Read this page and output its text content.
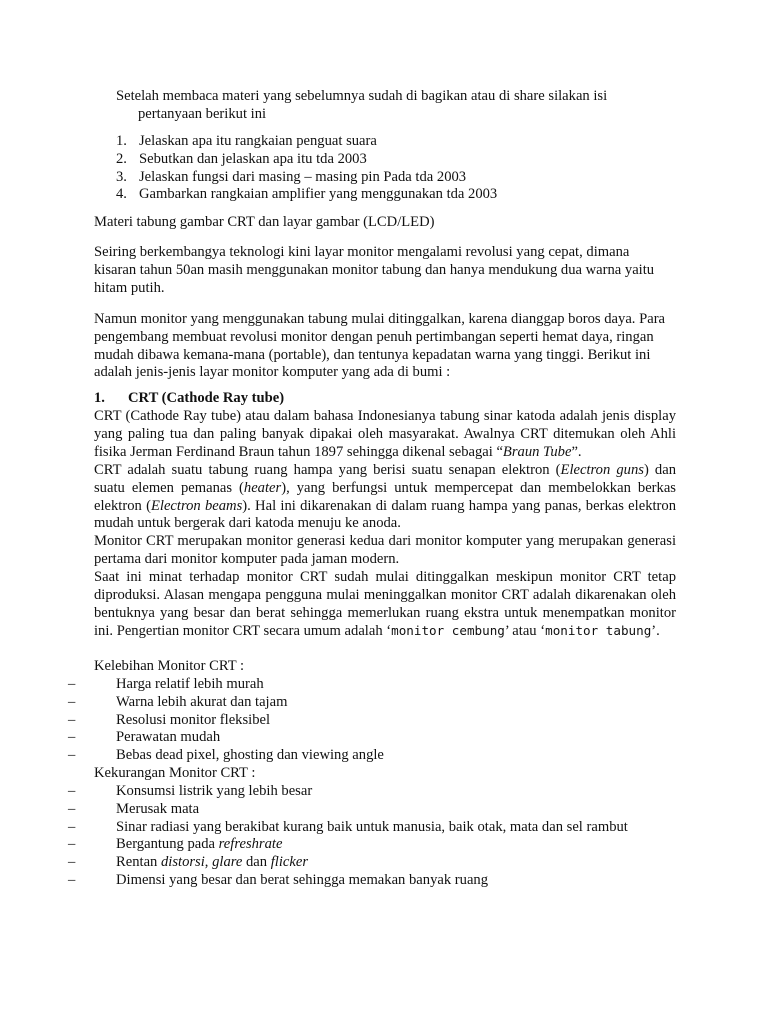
Setelah membaca materi yang sebelumnya sudah di bagikan atau di share silakan isi
pertanyaan berikut ini

1. Jelaskan apa itu rangkaian penguat suara
2. Sebutkan dan jelaskan apa itu tda 2003
3. Jelaskan fungsi dari masing – masing pin Pada tda 2003
4. Gambarkan rangkaian amplifier yang menggunakan tda 2003

Materi tabung gambar CRT dan layar gambar (LCD/LED)

Seiring berkembangya teknologi kini layar monitor mengalami revolusi yang cepat, dimana kisaran tahun 50an masih menggunakan monitor tabung dan hanya mendukung dua warna yaitu hitam putih.

Namun monitor yang menggunakan tabung mulai ditinggalkan, karena dianggap boros daya. Para pengembang membuat revolusi monitor dengan penuh pertimbangan seperti hemat daya, ringan mudah dibawa kemana-mana (portable), dan tentunya kepadatan warna yang tinggi. Berikut ini adalah jenis-jenis layar monitor komputer yang ada di bumi :

1. CRT (Cathode Ray tube)

CRT (Cathode Ray tube) atau dalam bahasa Indonesianya tabung sinar katoda adalah jenis display yang paling tua dan paling banyak dipakai oleh masyarakat. Awalnya CRT ditemukan oleh Ahli fisika Jerman Ferdinand Braun tahun 1897 sehingga dikenal sebagai “Braun Tube”.

CRT adalah suatu tabung ruang hampa yang berisi suatu senapan elektron (Electron guns) dan suatu elemen pemanas (heater), yang berfungsi untuk mempercepat dan membelokkan berkas elektron (Electron beams). Hal ini dikarenakan di dalam ruang hampa yang panas, berkas elektron mudah untuk bergerak dari katoda menuju ke anoda.

Monitor CRT merupakan monitor generasi kedua dari monitor komputer yang merupakan generasi pertama dari monitor komputer pada jaman modern.

Saat ini minat terhadap monitor CRT sudah mulai ditinggalkan meskipun monitor CRT tetap diproduksi. Alasan mengapa pengguna mulai meninggalkan monitor CRT adalah dikarenakan oleh bentuknya yang besar dan berat sehingga memerlukan ruang ekstra untuk menempatkan monitor ini. Pengertian monitor CRT secara umum adalah ‘monitor cembung’ atau ‘monitor tabung’.

Kelebihan Monitor CRT :

–	Harga relatif lebih murah
–	Warna lebih akurat dan tajam
–	Resolusi monitor fleksibel
–	Perawatan mudah
–	Bebas dead pixel, ghosting dan viewing angle

Kekurangan Monitor CRT :

–	Konsumsi listrik yang lebih besar
–	Merusak mata
–	Sinar radiasi yang berakibat kurang baik untuk manusia, baik otak, mata dan sel rambut
–	Bergantung pada refreshrate
–	Rentan distorsi, glare dan flicker
–	Dimensi yang besar dan berat sehingga memakan banyak ruang
